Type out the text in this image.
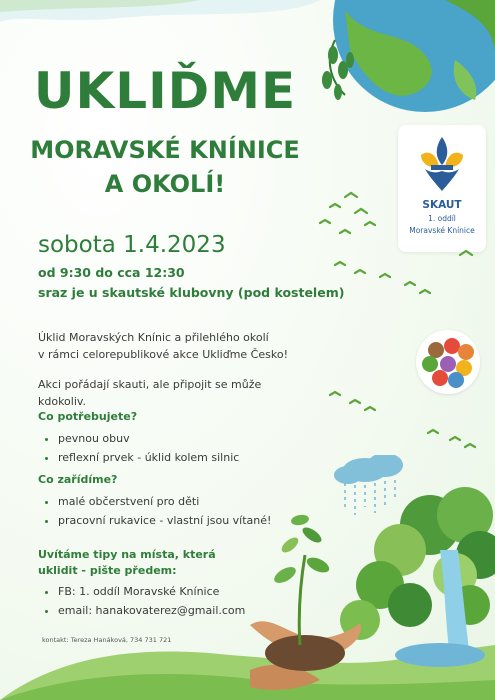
UKLIĎME
MORAVSKÉ KNÍNICE
A OKOLÍ!
SKAUT
1. oddíl
Moravské Knínice
sobota 1.4.2023
od 9:30 do cca 12:30
sraz je u skautské klubovny (pod kostelem)
Úklid Moravských Knínic a přilehlého okolí
v rámci celorepublikové akce Ukliďme Česko!
Akci pořádají skauti, ale připojit se může kdokoliv.
Co potřebujete?
• pevnou obuv
• reflexní prvek - úklid kolem silnic
Co zařídíme?
• malé občerstvení pro děti
• pracovní rukavice - vlastní jsou vítané!
Uvítáme tipy na místa, která
uklidit - pište předem:
• FB: 1. oddíl Moravské Knínice
• email: hanakovaterez@gmail.com
kontakt: Tereza Hanáková, 734 731 721
